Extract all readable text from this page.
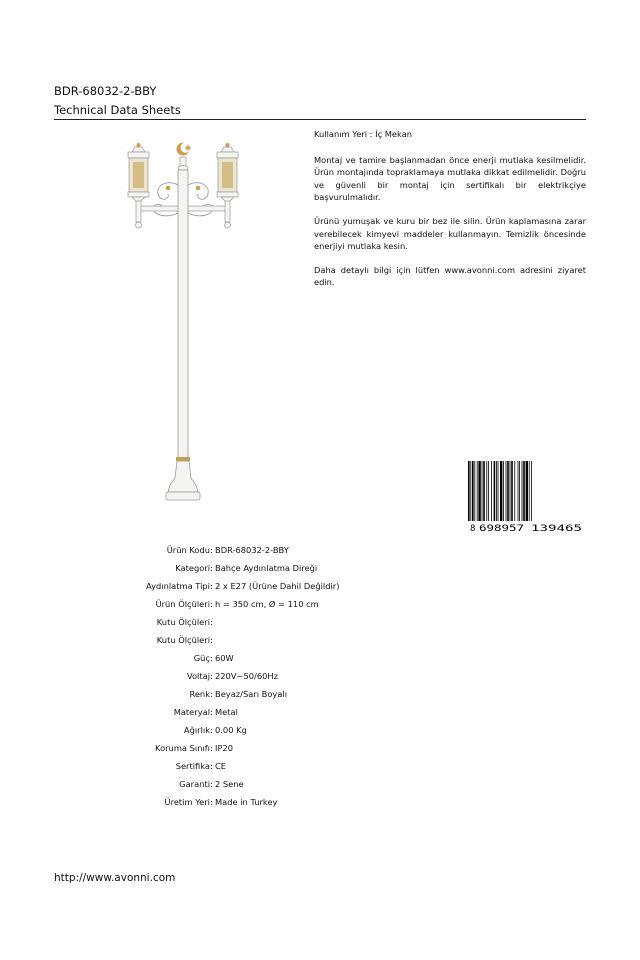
BDR-68032-2-BBY
Technical Data Sheets

Kullanım Yeri : İç Mekan

Montaj ve tamire başlanmadan önce enerji mutlaka kesilmelidir. Ürün montajında topraklamaya mutlaka dikkat edilmelidir. Doğru ve güvenli bir montaj için sertifikalı bir elektrikçiye başvurulmalıdır.

Ürünü yumuşak ve kuru bir bez ile silin. Ürün kaplamasına zarar verebilecek kimyevi maddeler kullanmayın. Temizlik öncesinde enerjiyi mutlaka kesin.

Daha detaylı bilgi için lütfen www.avonni.com adresini ziyaret edin.

8 698957 139465
Ürün Kodu : BDR-68032-2-BBY
Kategori : Bahçe Aydınlatma Direği
Aydınlatma Tipi : 2 x E27 (Ürüne Dahil Değildir)
Ürün Ölçüleri : h = 350 cm, Ø = 110 cm
Kutu Ölçüleri :
Kutu Ölçüleri :
Güç : 60W
Voltaj : 220V~50/60Hz
Renk : Beyaz/Sarı Boyalı
Materyal : Metal
Ağırlık : 0.00 Kg
Koruma Sınıfı : IP20
Sertifika : CE
Garanti : 2 Sene
Üretim Yeri : Made in Turkey
http://www.avonni.com
